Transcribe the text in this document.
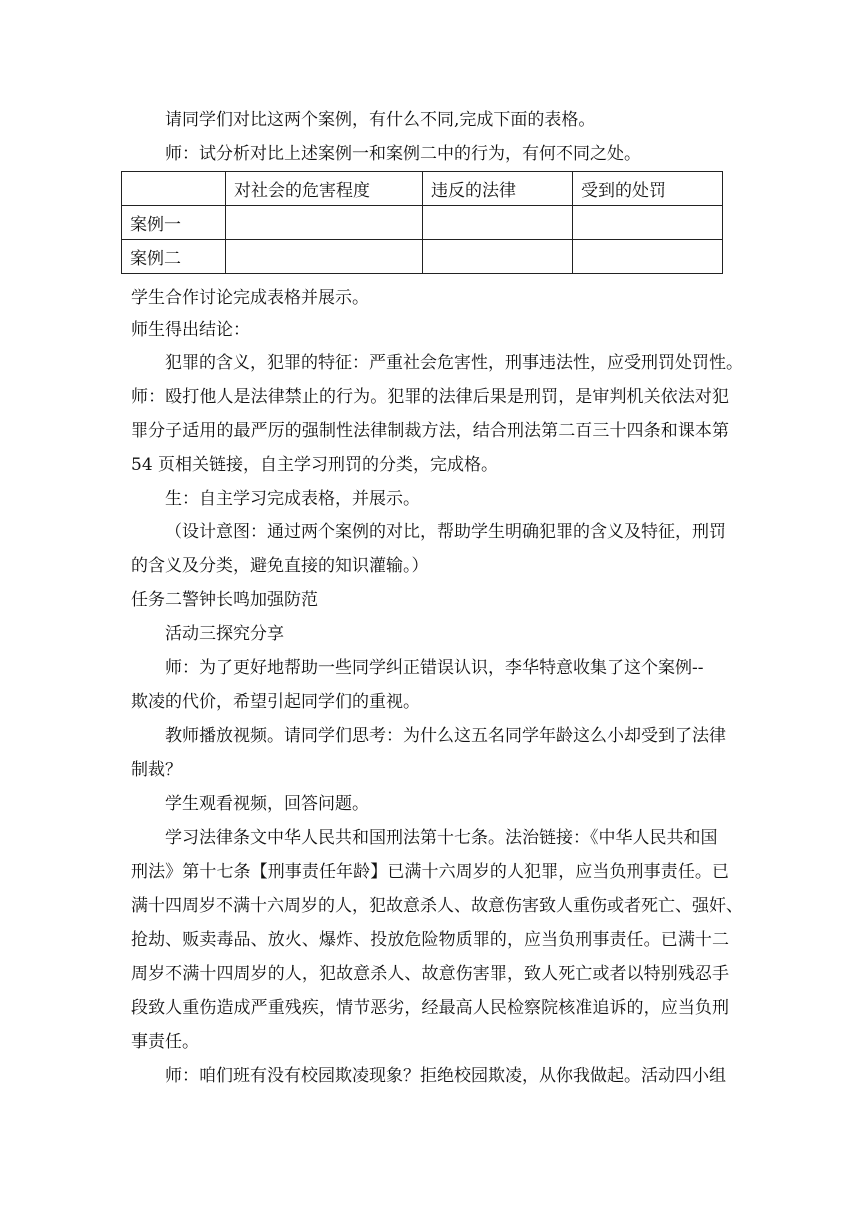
请同学们对比这两个案例，有什么不同,完成下面的表格。
师：试分析对比上述案例一和案例二中的行为，有何不同之处。
	对社会的危害程度	违反的法律	受到的处罚
案例一			
案例二			
学生合作讨论完成表格并展示。
师生得出结论：
犯罪的含义，犯罪的特征：严重社会危害性，刑事违法性，应受刑罚处罚性。
师：殴打他人是法律禁止的行为。犯罪的法律后果是刑罚，是审判机关依法对犯
罪分子适用的最严厉的强制性法律制裁方法，结合刑法第二百三十四条和课本第
54 页相关链接，自主学习刑罚的分类，完成格。
生：自主学习完成表格，并展示。
（设计意图：通过两个案例的对比，帮助学生明确犯罪的含义及特征，刑罚
的含义及分类，避免直接的知识灌输。）
任务二警钟长鸣加强防范
活动三探究分享
师：为了更好地帮助一些同学纠正错误认识，李华特意收集了这个案例--
欺凌的代价，希望引起同学们的重视。
教师播放视频。请同学们思考：为什么这五名同学年龄这么小却受到了法律
制裁？
学生观看视频，回答问题。
学习法律条文中华人民共和国刑法第十七条。法治链接：《中华人民共和国
刑法》第十七条【刑事责任年龄】已满十六周岁的人犯罪，应当负刑事责任。已
满十四周岁不满十六周岁的人，犯故意杀人、故意伤害致人重伤或者死亡、强奸、
抢劫、贩卖毒品、放火、爆炸、投放危险物质罪的，应当负刑事责任。已满十二
周岁不满十四周岁的人，犯故意杀人、故意伤害罪，致人死亡或者以特别残忍手
段致人重伤造成严重残疾，情节恶劣，经最高人民检察院核准追诉的，应当负刑
事责任。
师：咱们班有没有校园欺凌现象？拒绝校园欺凌，从你我做起。活动四小组
